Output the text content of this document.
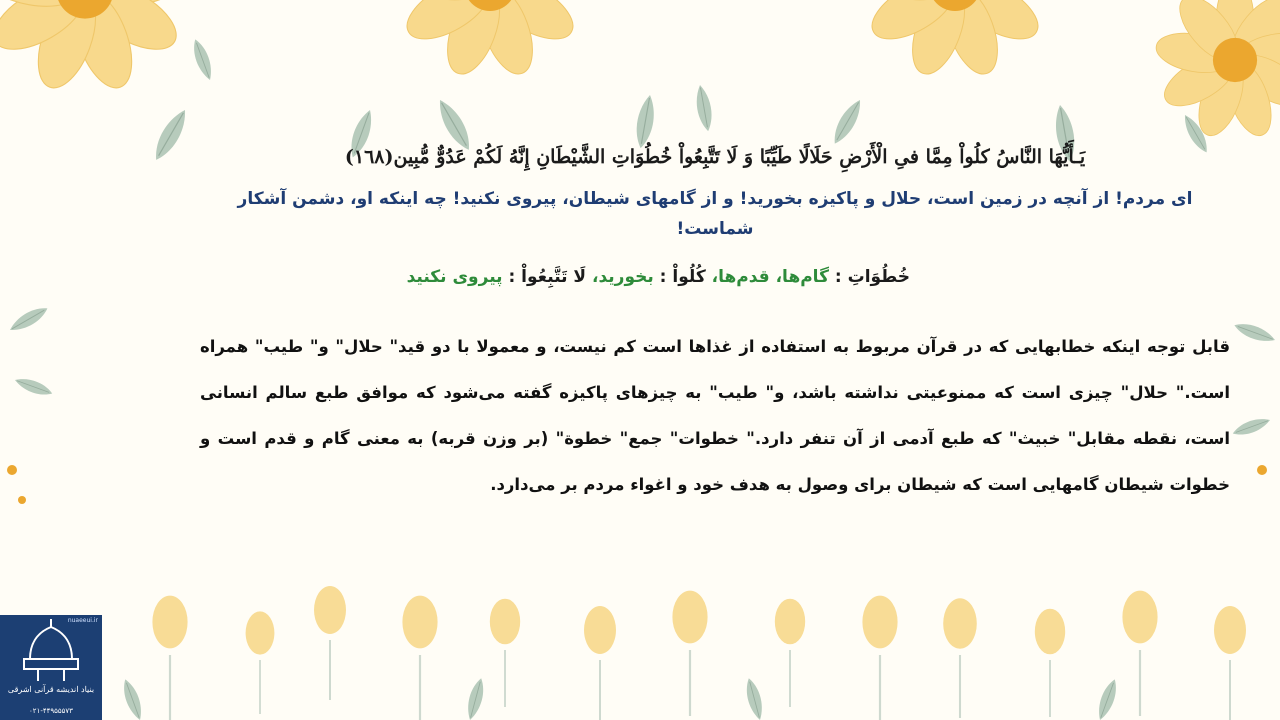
يَـأَيُّهَا النَّاسُ كلُواْ مِمَّا فىِ الْأَرْضِ حَلَالًا طَيِّبًا وَ لَا تَتَّبِعُواْ خُطُوَاتِ الشَّيْطَانِ إِنَّهُ لَكُمْ عَدُوٌّ مُّبِين(١٦٨)

ای مردم! از آنچه در زمین است، حلال و پاکیزه بخورید! و از گامهای شیطان، پیروی نکنید! چه اینکه او، دشمن آشکار شماست!

خُطُوَاتِ : گام‌ها، قدم‌ها، كُلُواْ : بخورید، لَا تَتَّبِعُواْ : پیروی نکنید

قابل توجه اینکه خطابهایی که در قرآن مربوط به استفاده از غذاها است کم نیست، و معمولا با دو قید" حلال" و" طیب" همراه است." حلال" چیزی است که ممنوعیتی نداشته باشد، و" طیب" به چیزهای پاکیزه گفته می‌شود که موافق طبع سالم انسانی است، نقطه مقابل" خبیث" که طبع آدمی از آن تنفر دارد." خطوات" جمع" خطوة" (بر وزن قربه) به معنی گام و قدم است و خطوات شیطان گامهایی است که شیطان برای وصول به هدف خود و اغواء مردم بر می‌دارد.

nuaeeui.ir
بنیاد اندیشه قرآنی اشرقی
۰۲۱-۴۴۹۵۵۵۷۳
